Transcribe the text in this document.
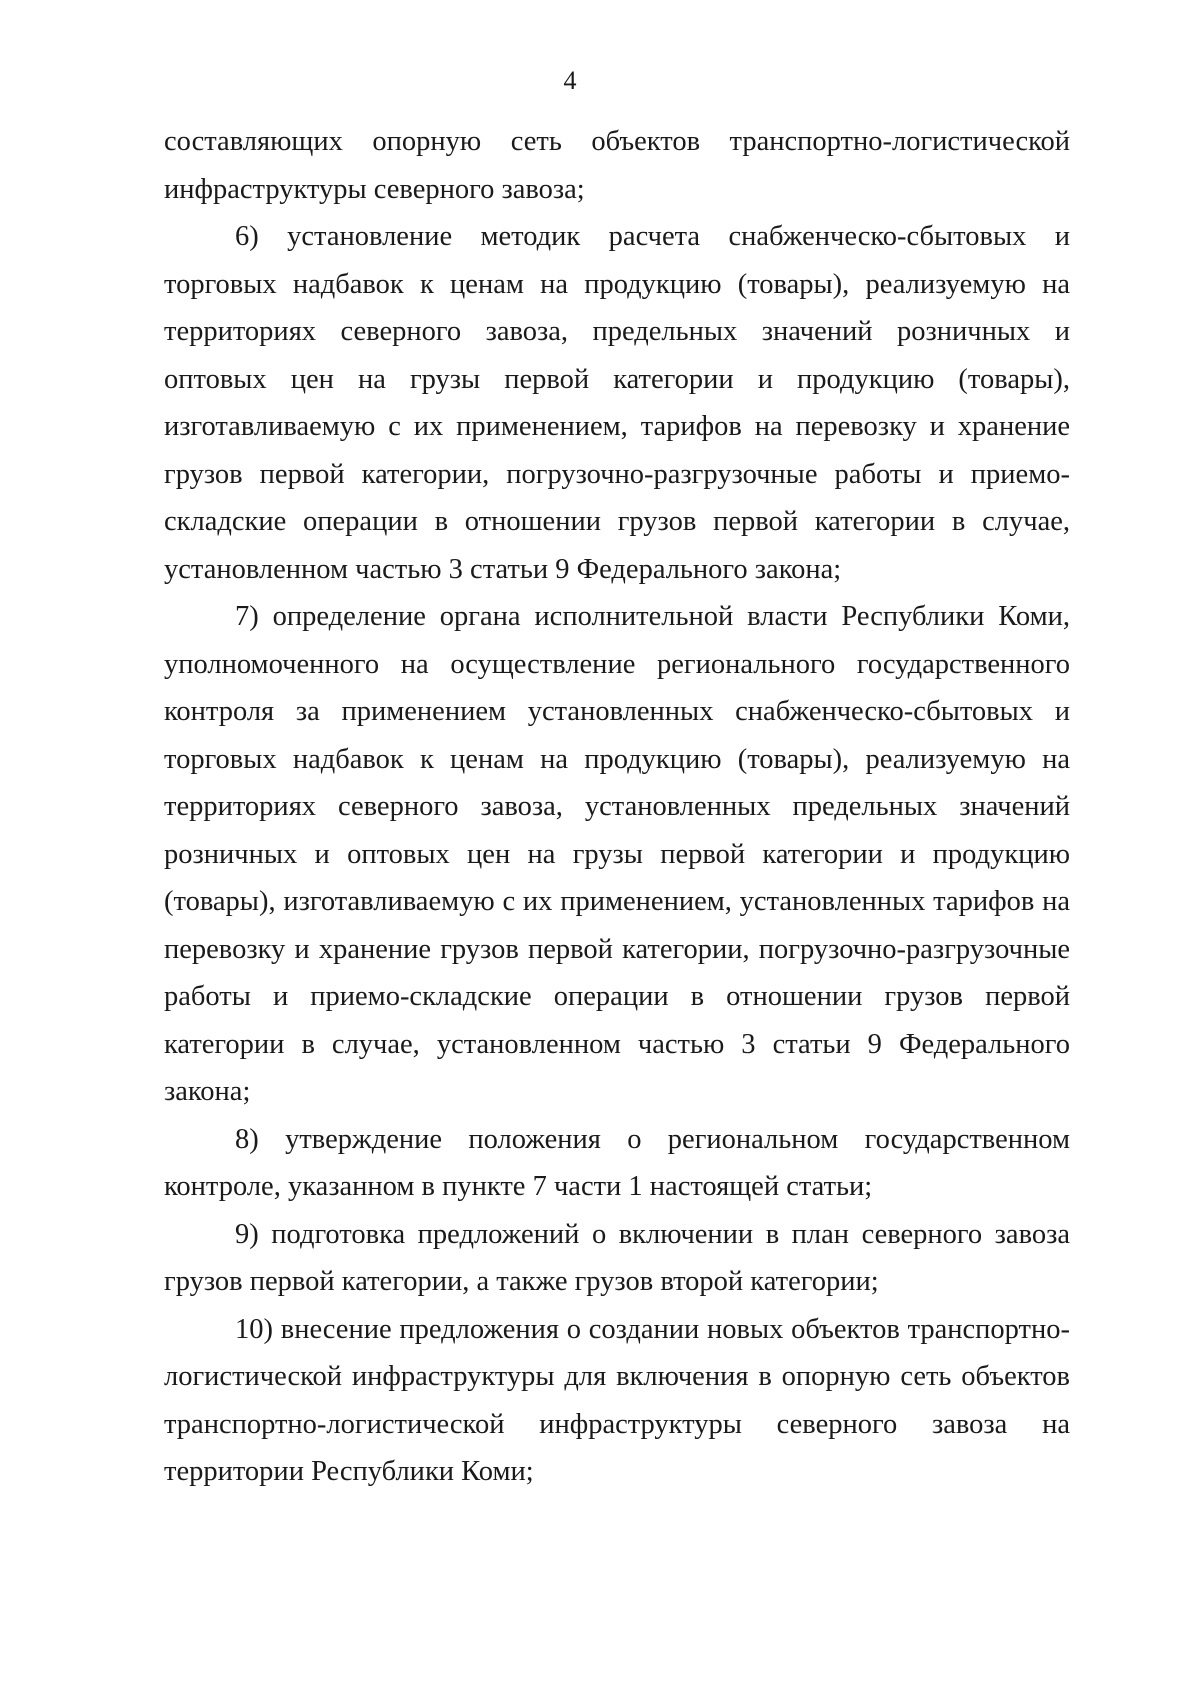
4

составляющих опорную сеть объектов транспортно-логистической инфраструктуры северного завоза;

6) установление методик расчета снабженческо-сбытовых и торговых надбавок к ценам на продукцию (товары), реализуемую на территориях северного завоза, предельных значений розничных и оптовых цен на грузы первой категории и продукцию (товары), изготавливаемую с их применением, тарифов на перевозку и хранение грузов первой категории, погрузочно-разгрузочные работы и приемо-складские операции в отношении грузов первой категории в случае, установленном частью 3 статьи 9 Федерального закона;

7) определение органа исполнительной власти Республики Коми, уполномоченного на осуществление регионального государственного контроля за применением установленных снабженческо-сбытовых и торговых надбавок к ценам на продукцию (товары), реализуемую на территориях северного завоза, установленных предельных значений розничных и оптовых цен на грузы первой категории и продукцию (товары), изготавливаемую с их применением, установленных тарифов на перевозку и хранение грузов первой категории, погрузочно-разгрузочные работы и приемо-складские операции в отношении грузов первой категории в случае, установленном частью 3 статьи 9 Федерального закона;

8) утверждение положения о региональном государственном контроле, указанном в пункте 7 части 1 настоящей статьи;

9) подготовка предложений о включении в план северного завоза грузов первой категории, а также грузов второй категории;

10) внесение предложения о создании новых объектов транспортно-логистической инфраструктуры для включения в опорную сеть объектов транспортно-логистической инфраструктуры северного завоза на территории Республики Коми;
